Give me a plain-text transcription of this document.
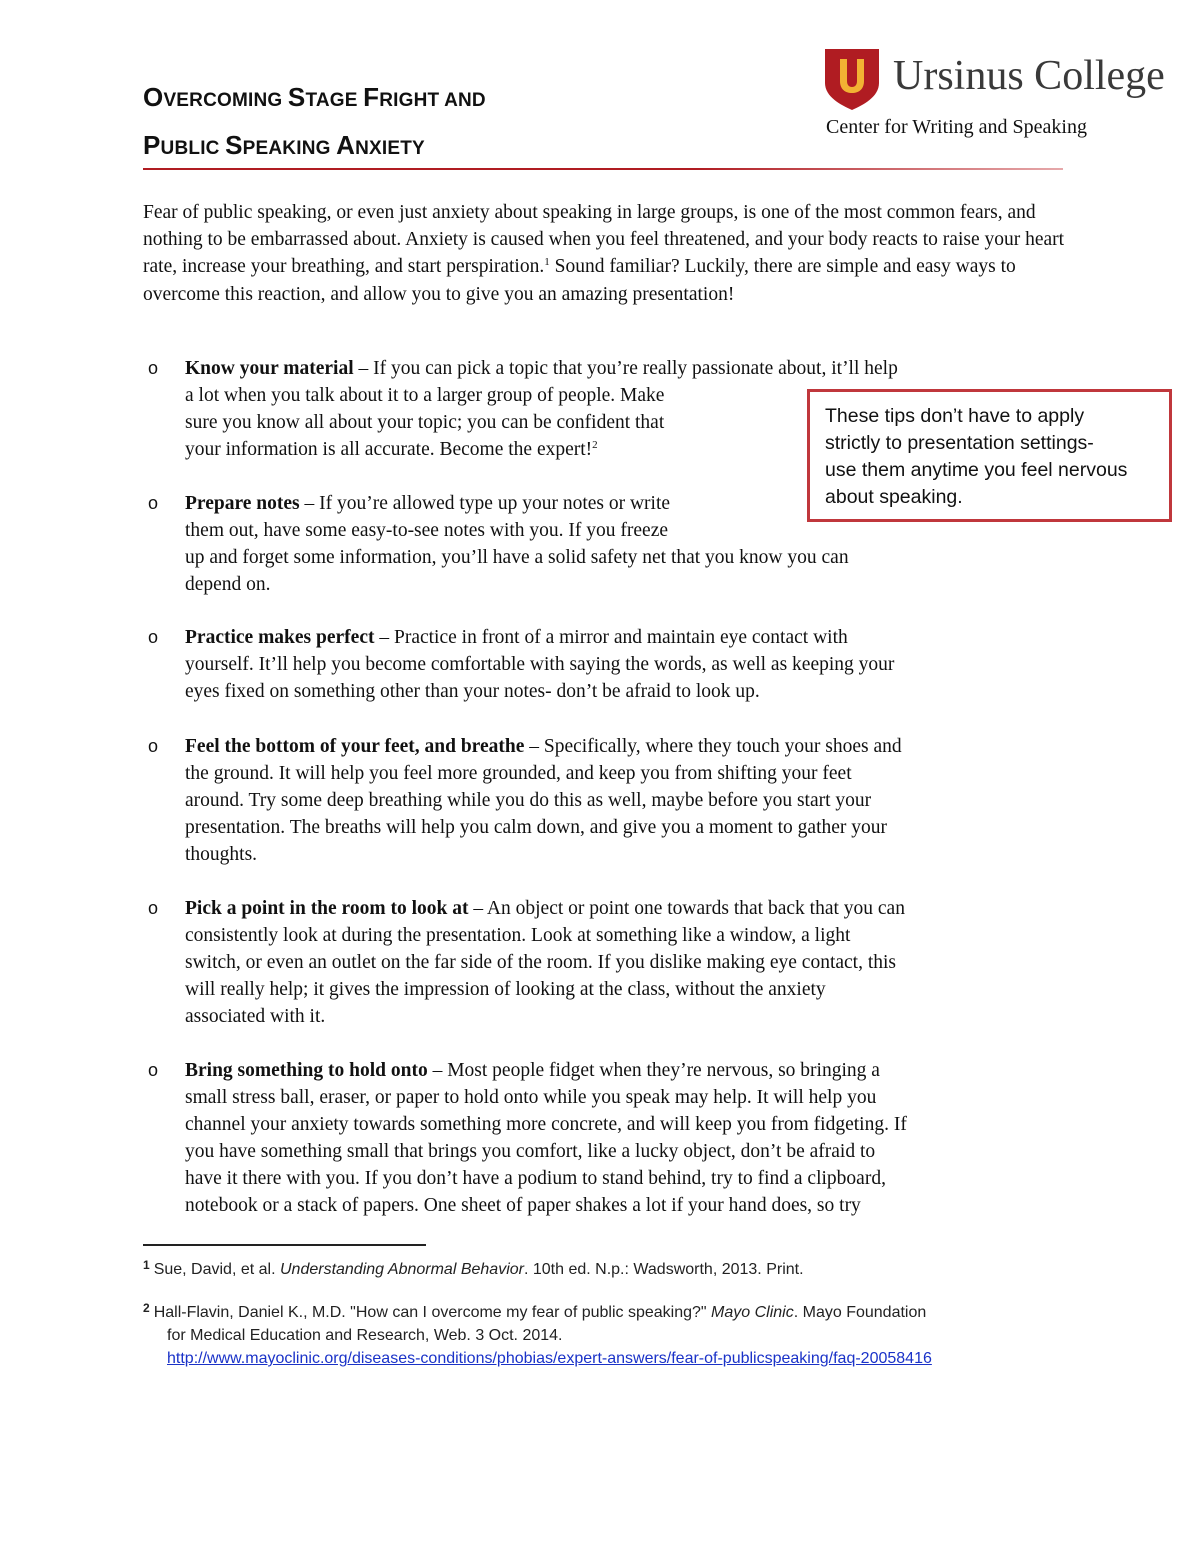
OVERCOMING STAGE FRIGHT AND
PUBLIC SPEAKING ANXIETY
Ursinus College
Center for Writing and Speaking
Fear of public speaking, or even just anxiety about speaking in large groups, is one of the most common fears, and nothing to be embarrassed about. Anxiety is caused when you feel threatened, and your body reacts to raise your heart rate, increase your breathing, and start perspiration.$^1$ Sound familiar? Luckily, there are simple and easy ways to overcome this reaction, and allow you to give you an amazing presentation!
o Know your material – If you can pick a topic that you’re really passionate about, it’ll help
a lot when you talk about it to a larger group of people. Make
sure you know all about your topic; you can be confident that
your information is all accurate. Become the expert!$^2$
o Prepare notes – If you’re allowed type up your notes or write
them out, have some easy-to-see notes with you. If you freeze
up and forget some information, you’ll have a solid safety net that you know you can
depend on.
o Practice makes perfect – Practice in front of a mirror and maintain eye contact with
yourself. It’ll help you become comfortable with saying the words, as well as keeping your
eyes fixed on something other than your notes- don’t be afraid to look up.
o Feel the bottom of your feet, and breathe – Specifically, where they touch your shoes and
the ground. It will help you feel more grounded, and keep you from shifting your feet
around. Try some deep breathing while you do this as well, maybe before you start your
presentation. The breaths will help you calm down, and give you a moment to gather your
thoughts.
o Pick a point in the room to look at – An object or point one towards that back that you can
consistently look at during the presentation. Look at something like a window, a light
switch, or even an outlet on the far side of the room. If you dislike making eye contact, this
will really help; it gives the impression of looking at the class, without the anxiety
associated with it.
o Bring something to hold onto – Most people fidget when they’re nervous, so bringing a
small stress ball, eraser, or paper to hold onto while you speak may help. It will help you
channel your anxiety towards something more concrete, and will keep you from fidgeting. If
you have something small that brings you comfort, like a lucky object, don’t be afraid to
have it there with you. If you don’t have a podium to stand behind, try to find a clipboard,
notebook or a stack of papers. One sheet of paper shakes a lot if your hand does, so try
These tips don’t have to apply
strictly to presentation settings-
use them anytime you feel nervous
about speaking.
$^1$ Sue, David, et al. Understanding Abnormal Behavior. 10th ed. N.p.: Wadsworth, 2013. Print.
$^2$ Hall-Flavin, Daniel K., M.D. "How can I overcome my fear of public speaking?" Mayo Clinic. Mayo Foundation
for Medical Education and Research, Web. 3 Oct. 2014.
http://www.mayoclinic.org/diseases-conditions/phobias/expert-answers/fear-of-publicspeaking/faq-20058416
